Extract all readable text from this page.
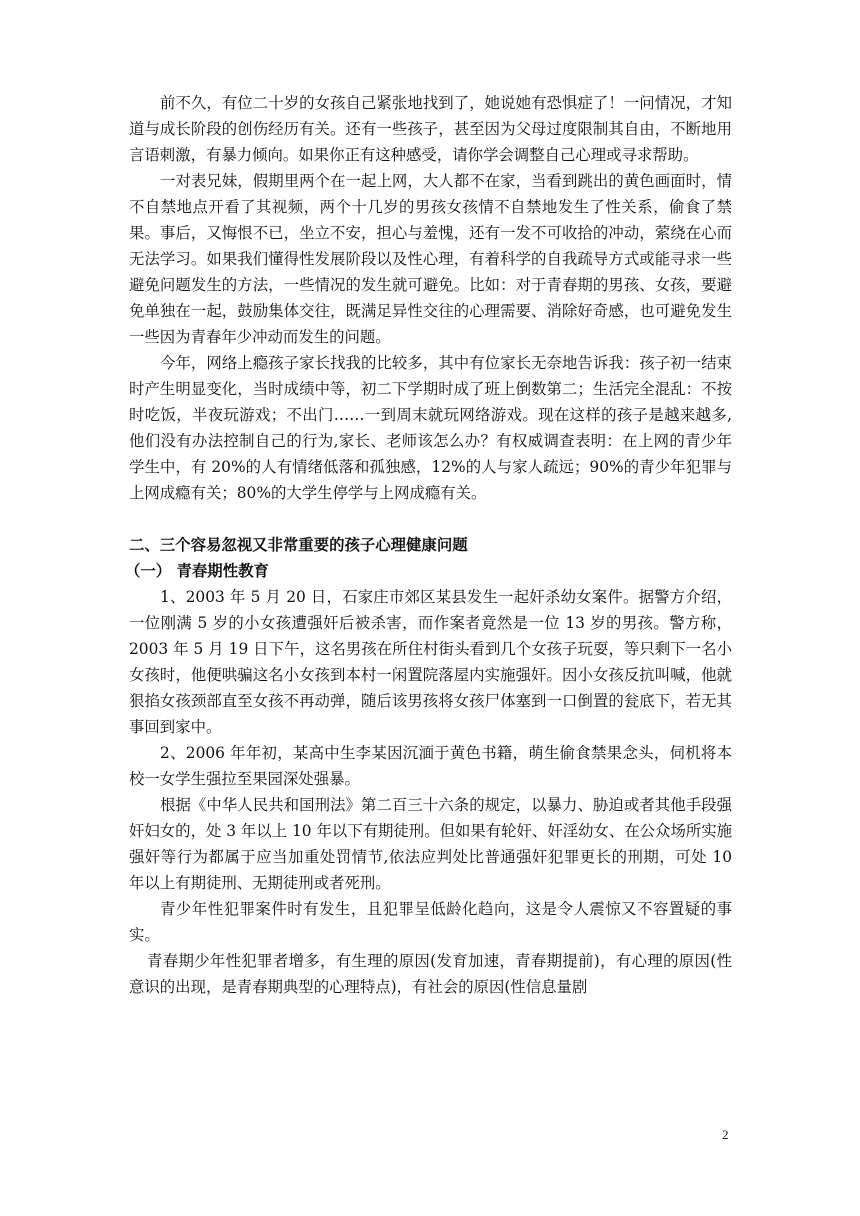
前不久，有位二十岁的女孩自己紧张地找到了，她说她有恐惧症了！一问情况，才知道与成长阶段的创伤经历有关。还有一些孩子，甚至因为父母过度限制其自由，不断地用言语刺激，有暴力倾向。如果你正有这种感受，请你学会调整自己心理或寻求帮助。

一对表兄妹，假期里两个在一起上网，大人都不在家，当看到跳出的黄色画面时，情不自禁地点开看了其视频，两个十几岁的男孩女孩情不自禁地发生了性关系，偷食了禁果。事后，又悔恨不已，坐立不安，担心与羞愧，还有一发不可收拾的冲动，萦绕在心而无法学习。如果我们懂得性发展阶段以及性心理，有着科学的自我疏导方式或能寻求一些避免问题发生的方法，一些情况的发生就可避免。比如：对于青春期的男孩、女孩，要避免单独在一起，鼓励集体交往，既满足异性交往的心理需要、消除好奇感，也可避免发生一些因为青春年少冲动而发生的问题。

今年，网络上瘾孩子家长找我的比较多，其中有位家长无奈地告诉我：孩子初一结束时产生明显变化，当时成绩中等，初二下学期时成了班上倒数第二；生活完全混乱：不按时吃饭，半夜玩游戏；不出门……一到周末就玩网络游戏。现在这样的孩子是越来越多,他们没有办法控制自己的行为,家长、老师该怎么办？有权威调查表明：在上网的青少年学生中，有 20%的人有情绪低落和孤独感，12%的人与家人疏远；90%的青少年犯罪与上网成瘾有关；80%的大学生停学与上网成瘾有关。

二、三个容易忽视又非常重要的孩子心理健康问题
（一） 青春期性教育

1、2003 年 5 月 20 日，石家庄市郊区某县发生一起奸杀幼女案件。据警方介绍，一位刚满 5 岁的小女孩遭强奸后被杀害，而作案者竟然是一位 13 岁的男孩。警方称，2003 年 5 月 19 日下午，这名男孩在所住村街头看到几个女孩子玩耍，等只剩下一名小女孩时，他便哄骗这名小女孩到本村一闲置院落屋内实施强奸。因小女孩反抗叫喊，他就狠掐女孩颈部直至女孩不再动弹，随后该男孩将女孩尸体塞到一口倒置的瓮底下，若无其事回到家中。

2、2006 年年初，某高中生李某因沉湎于黄色书籍，萌生偷食禁果念头，伺机将本校一女学生强拉至果园深处强暴。

根据《中华人民共和国刑法》第二百三十六条的规定，以暴力、胁迫或者其他手段强奸妇女的，处 3 年以上 10 年以下有期徒刑。但如果有轮奸、奸淫幼女、在公众场所实施强奸等行为都属于应当加重处罚情节,依法应判处比普通强奸犯罪更长的刑期，可处 10 年以上有期徒刑、无期徒刑或者死刑。

青少年性犯罪案件时有发生，且犯罪呈低龄化趋向，这是令人震惊又不容置疑的事实。

青春期少年性犯罪者增多，有生理的原因(发育加速，青春期提前)，有心理的原因(性意识的出现，是青春期典型的心理特点)，有社会的原因(性信息量剧

2
